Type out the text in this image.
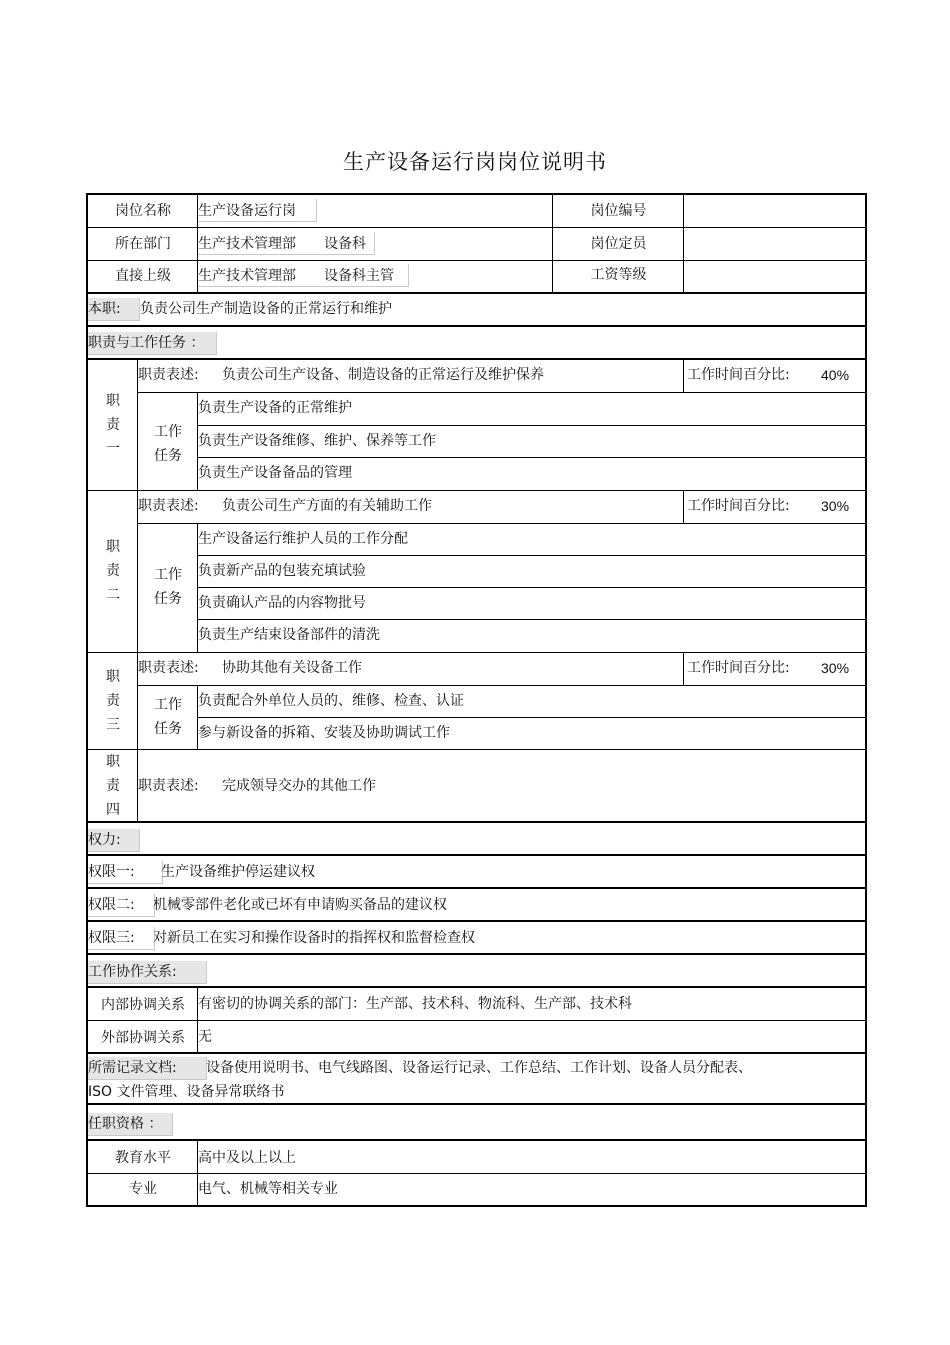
生产设备运行岗岗位说明书
岗位名称	生产设备运行岗	岗位编号
所在部门	生产技术管理部 设备科	岗位定员
直接上级	生产技术管理部 设备科主管	工资等级
本职: 负责公司生产制造设备的正常运行和维护
职责与工作任务 ：
职
责
一
职责表述: 负责公司生产设备、制造设备的正常运行及维护保养	工作时间百分比: 40%
工作
任务
负责生产设备的正常维护
负责生产设备维修、维护、保养等工作
负责生产设备备品的管理
职
责
二
职责表述: 负责公司生产方面的有关辅助工作	工作时间百分比: 30%
工作
任务
生产设备运行维护人员的工作分配
负责新产品的包装充填试验
负责确认产品的内容物批号
负责生产结束设备部件的清洗
职
责
三
职责表述: 协助其他有关设备工作	工作时间百分比: 30%
工作
任务
负责配合外单位人员的、维修、检查、认证
参与新设备的拆箱、安装及协助调试工作
职
责
四
职责表述: 完成领导交办的其他工作
权力:
权限一: 生产设备维护停运建议权
权限二: 机械零部件老化或已坏有申请购买备品的建议权
权限三: 对新员工在实习和操作设备时的指挥权和监督检查权
工作协作关系:
内部协调关系 有密切的协调关系的部门：生产部、技术科、物流科、生产部、技术科
外部协调关系 无
所需记录文档: 设备使用说明书、电气线路图、设备运行记录、工作总结、工作计划、设备人员分配表、
ISO 文件管理、设备异常联络书
任职资格 ：
教育水平	高中及以上以上
专业	电气、机械等相关专业
